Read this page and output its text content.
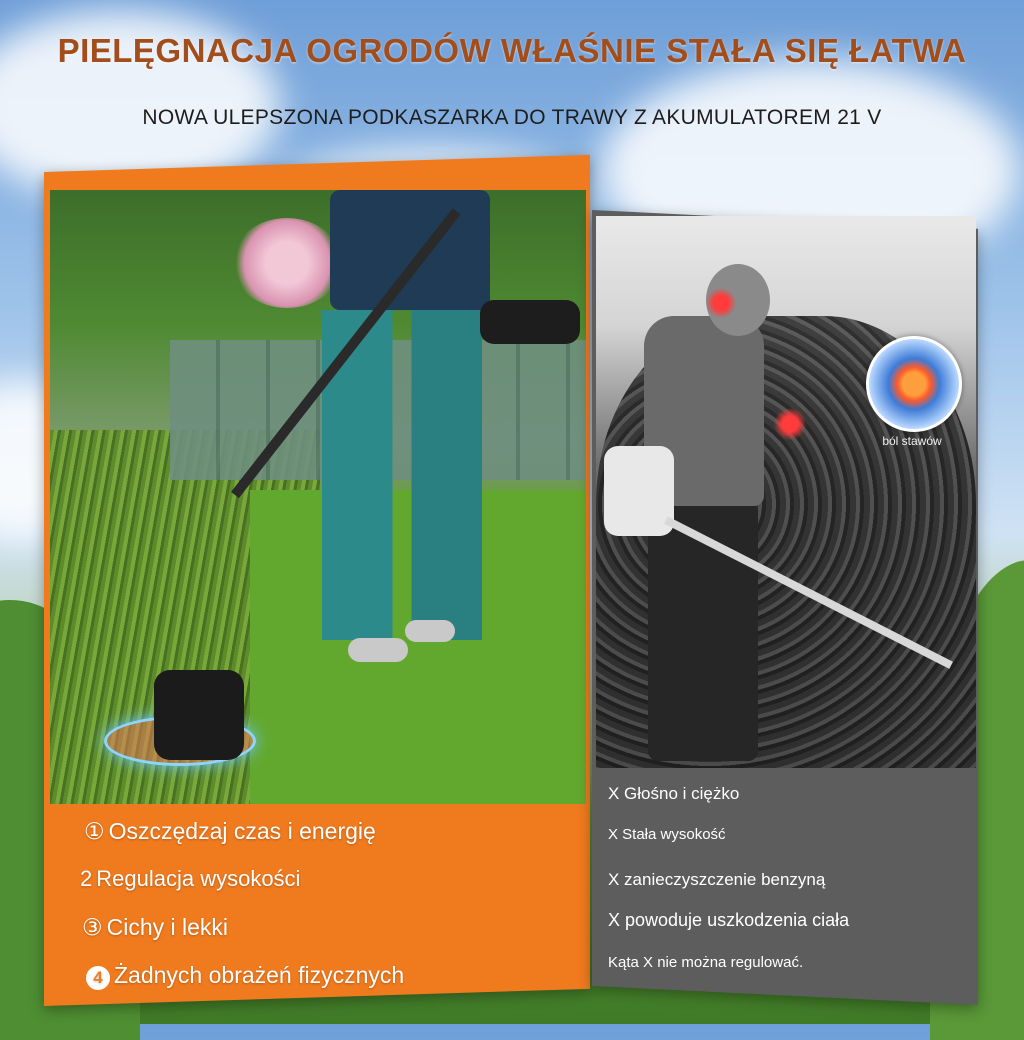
PIELĘGNACJA OGRODÓW WŁAŚNIE STAŁA SIĘ ŁATWA
NOWA ULEPSZONA PODKASZARKA DO TRAWY Z AKUMULATOREM 21 V
① Oszczędzaj czas i energię
2 Regulacja wysokości
③ Cichy i lekki
4 Żadnych obrażeń fizycznych
ból stawów
X Głośno i ciężko
X Stała wysokość
X zanieczyszczenie benzyną
X powoduje uszkodzenia ciała
Kąta X nie można regulować.
